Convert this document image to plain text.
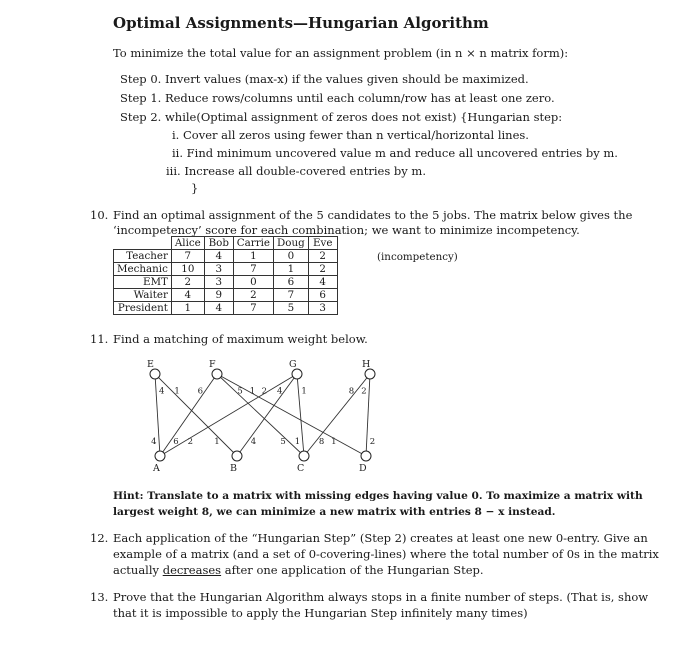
Optimal Assignments—Hungarian Algorithm
To minimize the total value for an assignment problem (in n × n matrix form):
Step 0. Invert values (max-x) if the values given should be maximized.
Step 1. Reduce rows/columns until each column/row has at least one zero.
Step 2. while(Optimal assignment of zeros does not exist) {Hungarian step:
i. Cover all zeros using fewer than n vertical/horizontal lines.
ii. Find minimum uncovered value m and reduce all uncovered entries by m.
iii. Increase all double-covered entries by m.
}
10. Find an optimal assignment of the 5 candidates to the 5 jobs. The matrix below gives the
‘incompetency’ score for each combination; we want to minimize incompetency.
	Alice	Bob	Carrie	Doug	Eve
Teacher	7	4	1	0	2
Mechanic	10	3	7	1	2
EMT	2	3	0	6	4
Waiter	4	9	2	7	6
President	1	4	7	5	3
(incompetency)
11. Find a matching of maximum weight below.
4
4
1
1
6
6
5
5
1
1
2
2
4
4
1
1
8
8
2
2
E	F	G	H
A	B	C	D
Hint: Translate to a matrix with missing edges having value 0. To maximize a matrix with
largest weight 8, we can minimize a new matrix with entries 8 − x instead.
12. Each application of the “Hungarian Step” (Step 2) creates at least one new 0-entry. Give an
example of a matrix (and a set of 0-covering-lines) where the total number of 0s in the matrix
actually decreases after one application of the Hungarian Step.
13. Prove that the Hungarian Algorithm always stops in a finite number of steps. (That is, show
that it is impossible to apply the Hungarian Step infinitely many times)
